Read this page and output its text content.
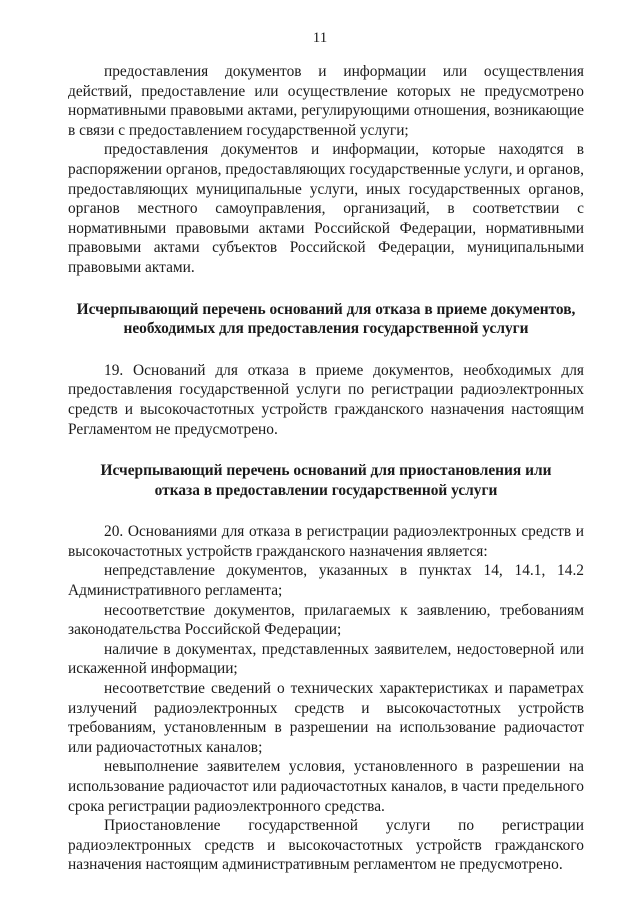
11

предоставления документов и информации или осуществления действий, предоставление или осуществление которых не предусмотрено нормативными правовыми актами, регулирующими отношения, возникающие в связи с предоставлением государственной услуги;

предоставления документов и информации, которые находятся в распоряжении органов, предоставляющих государственные услуги, и органов, предоставляющих муниципальные услуги, иных государственных органов, органов местного самоуправления, организаций, в соответствии с нормативными правовыми актами Российской Федерации, нормативными правовыми актами субъектов Российской Федерации, муниципальными правовыми актами.

Исчерпывающий перечень оснований для отказа в приеме документов,
необходимых для предоставления государственной услуги

19. Оснований для отказа в приеме документов, необходимых для предоставления государственной услуги по регистрации радиоэлектронных средств и высокочастотных устройств гражданского назначения настоящим Регламентом не предусмотрено.

Исчерпывающий перечень оснований для приостановления или
отказа в предоставлении государственной услуги

20. Основаниями для отказа в регистрации радиоэлектронных средств и высокочастотных устройств гражданского назначения является:

непредставление документов, указанных в пунктах 14, 14.1, 14.2 Административного регламента;

несоответствие документов, прилагаемых к заявлению, требованиям законодательства Российской Федерации;

наличие в документах, представленных заявителем, недостоверной или искаженной информации;

несоответствие сведений о технических характеристиках и параметрах излучений радиоэлектронных средств и высокочастотных устройств требованиям, установленным в разрешении на использование радиочастот или радиочастотных каналов;

невыполнение заявителем условия, установленного в разрешении на использование радиочастот или радиочастотных каналов, в части предельного срока регистрации радиоэлектронного средства.

Приостановление государственной услуги по регистрации радиоэлектронных средств и высокочастотных устройств гражданского назначения настоящим административным регламентом не предусмотрено.
